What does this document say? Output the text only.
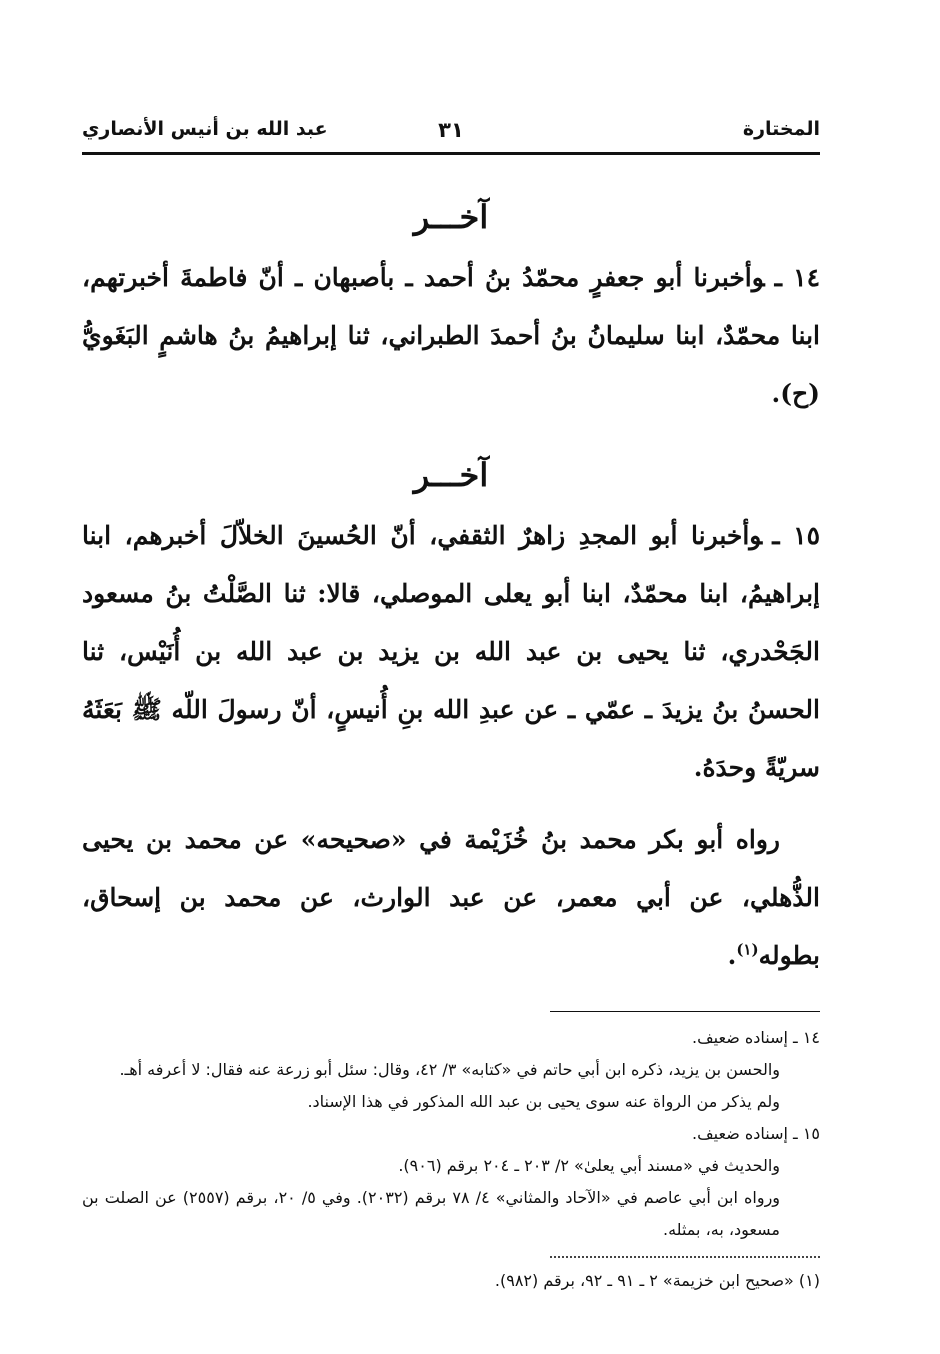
المختارة
٣١
عبد الله بن أنيس الأنصاري
آخـــر

١٤ ـوأخبرنا أبو جعفرٍ محمّدُ بنُ أحمد ـ بأصبهان ـ أنّ فاطمةَ أخبرتهم، ابنا محمّدٌ، ابنا سليمانُ بنُ أحمدَ الطبراني، ثنا إبراهيمُ بنُ هاشمٍ البَغَويُّ (ح).

آخـــر

١٥ ـوأخبرنا أبو المجدِ زاهرٌ الثقفي، أنّ الحُسينَ الخلاّلَ أخبرهم، ابنا إبراهيمُ، ابنا محمّدٌ، ابنا أبو يعلى الموصلي، قالا: ثنا الصَّلْتُ بنُ مسعود الجَحْدري، ثنا يحيى بن عبد الله بن يزيد بن عبد الله بن أُنَيْس، ثنا الحسنُ بنُ يزيدَ ـ عمّي ـ عن عبدِ الله بنِ أُنيسٍ، أنّ رسولَ اللّه ﷺ بَعَثَهُ سريّةً وحدَهُ.

رواه أبو بكر محمد بنُ خُزَيْمة في «صحيحه» عن محمد بن يحيى الذُّهلي، عن أبي معمر، عن عبد الوارث، عن محمد بن إسحاق، بطوله$^{(١)}$.

١٤ ـ إسناده ضعيف.

والحسن بن يزيد، ذكره ابن أبي حاتم في «كتابه» ٣/ ٤٢، وقال: سئل أبو زرعة عنه فقال: لا أعرفه أهـ.

ولم يذكر من الرواة عنه سوى يحيى بن عبد الله المذكور في هذا الإسناد.

١٥ ـ إسناده ضعيف.

والحديث في «مسند أبي يعلىٰ» ٢/ ٢٠٣ ـ ٢٠٤ برقم (٩٠٦).

ورواه ابن أبي عاصم في «الآحاد والمثاني» ٤/ ٧٨ برقم (٢٠٣٢). وفي ٥/ ٢٠، برقم (٢٥٥٧) عن الصلت بن مسعود، به، بمثله.

(١) «صحيح ابن خزيمة» ٢ ـ ٩١ ـ ٩٢، برقم (٩٨٢).
